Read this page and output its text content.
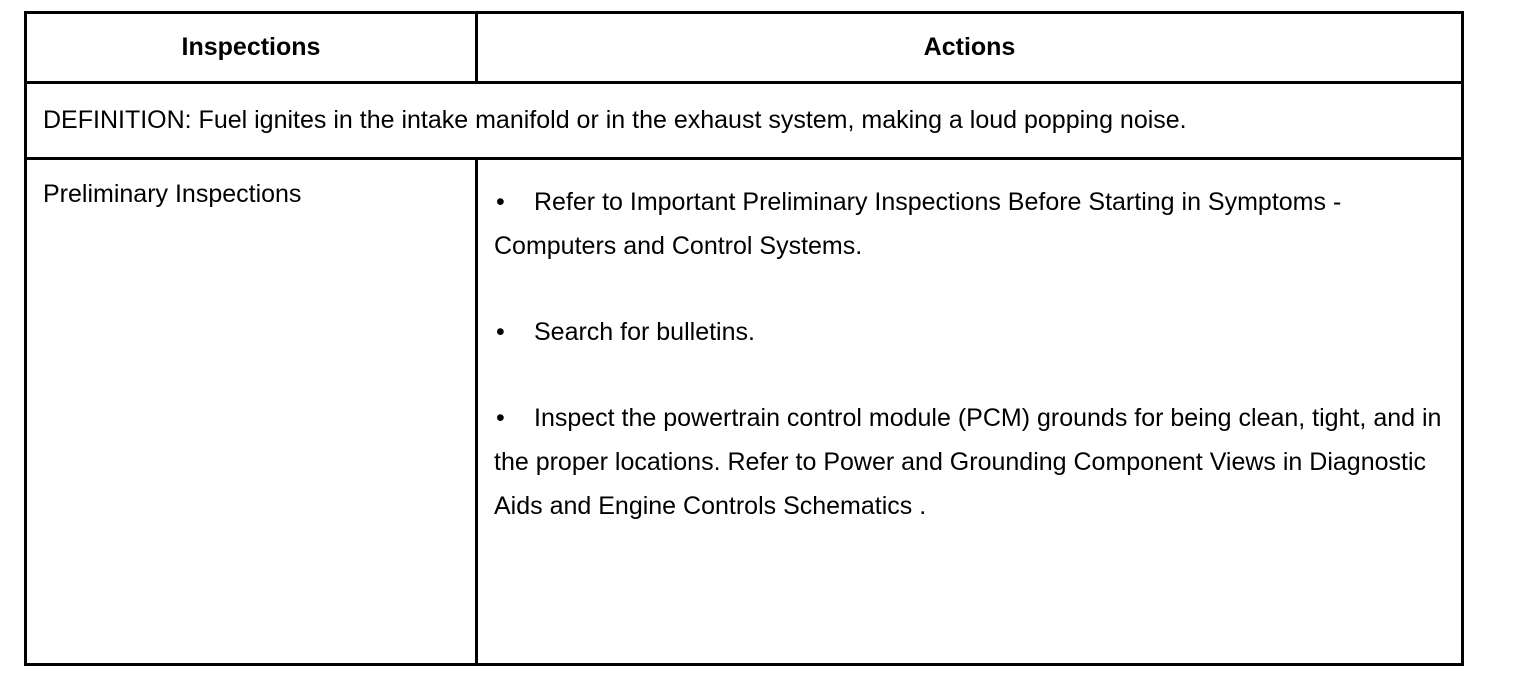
Inspections	Actions
DEFINITION: Fuel ignites in the intake manifold or in the exhaust system, making a loud popping noise.	
Preliminary Inspections	• Refer to Important Preliminary Inspections Before Starting in Symptoms - Computers and Control Systems.
• Search for bulletins.
• Inspect the powertrain control module (PCM) grounds for being clean, tight, and in the proper locations. Refer to Power and Grounding Component Views in Diagnostic Aids and Engine Controls Schematics .
